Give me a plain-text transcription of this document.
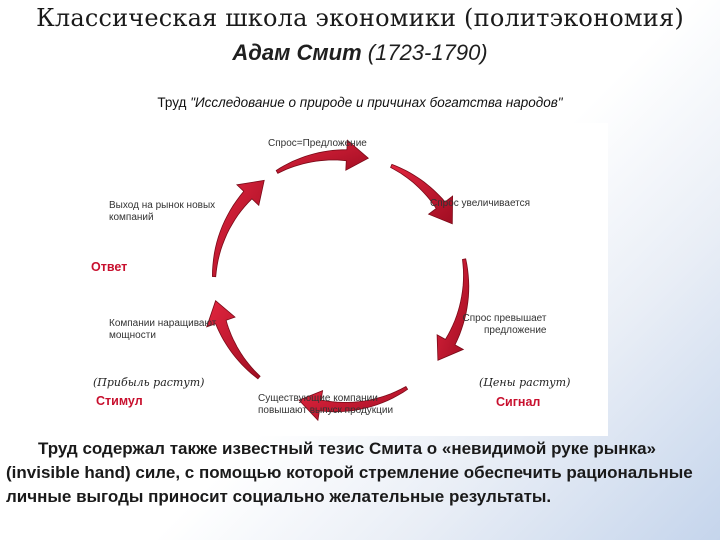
Классическая школа экономики (политэкономия)
Адам Смит (1723-1790)
Труд "Исследование о природе и причинах богатства народов"
Спрос=Предложение
Спрос увеличивается
Спрос превышает
предложение
Существующие компании
повышают выпуск продукции
Компании наращивают
мощности
Выход на рынок новых
компаний
Ответ
(Прибыль растут)
Стимул
(Цены растут)
Сигнал
Труд содержал также известный тезис Смита о «невидимой руке рынка» (invisible hand) силе, с помощью которой стремление обеспечить рациональные личные выгоды приносит социально желательные результаты.
